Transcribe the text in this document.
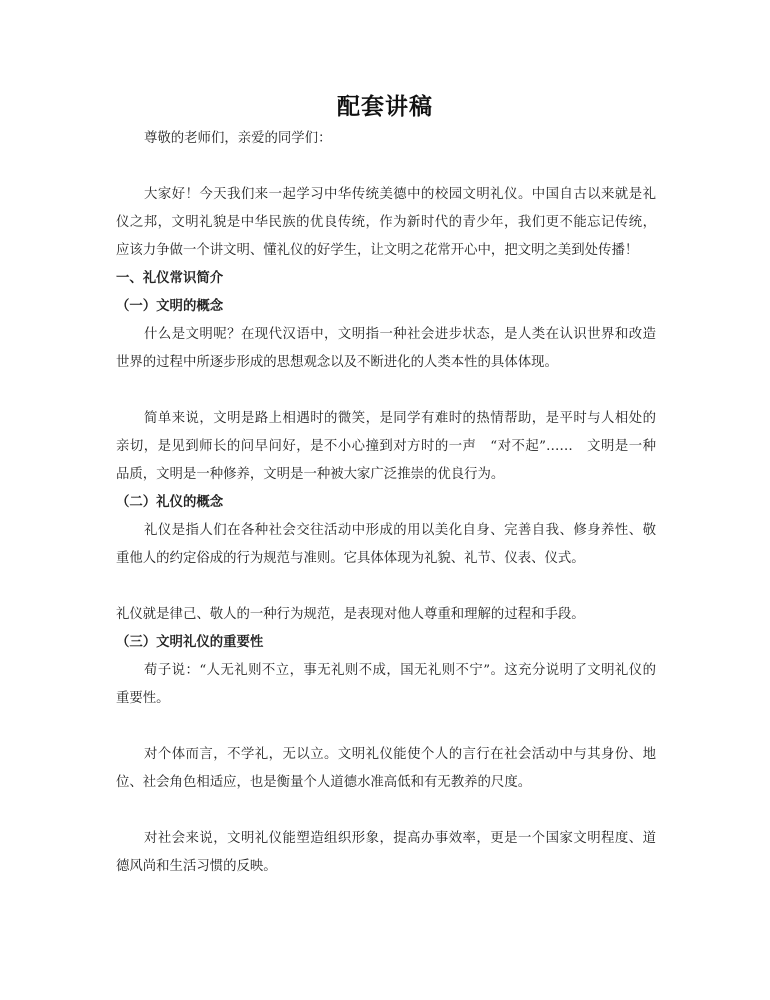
配套讲稿
尊敬的老师们，亲爱的同学们：
大家好！今天我们来一起学习中华传统美德中的校园文明礼仪。中国自古以来就是礼
仪之邦，文明礼貌是中华民族的优良传统，作为新时代的青少年，我们更不能忘记传统，
应该力争做一个讲文明、懂礼仪的好学生，让文明之花常开心中，把文明之美到处传播！
一、礼仪常识简介
（一）文明的概念
什么是文明呢？在现代汉语中，文明指一种社会进步状态，是人类在认识世界和改造
世界的过程中所逐步形成的思想观念以及不断进化的人类本性的具体体现。
简单来说，文明是路上相遇时的微笑，是同学有难时的热情帮助，是平时与人相处的
亲切，是见到师长的问早问好，是不小心撞到对方时的一声　“对不起”……　文明是一种
品质，文明是一种修养，文明是一种被大家广泛推崇的优良行为。
（二）礼仪的概念
礼仪是指人们在各种社会交往活动中形成的用以美化自身、完善自我、修身养性、敬
重他人的约定俗成的行为规范与准则。它具体体现为礼貌、礼节、仪表、仪式。
礼仪就是律己、敬人的一种行为规范，是表现对他人尊重和理解的过程和手段。
（三）文明礼仪的重要性
荀子说：“人无礼则不立，事无礼则不成，国无礼则不宁”。这充分说明了文明礼仪的
重要性。
对个体而言，不学礼，无以立。文明礼仪能使个人的言行在社会活动中与其身份、地
位、社会角色相适应，也是衡量个人道德水准高低和有无教养的尺度。
对社会来说，文明礼仪能塑造组织形象，提高办事效率，更是一个国家文明程度、道
德风尚和生活习惯的反映。
